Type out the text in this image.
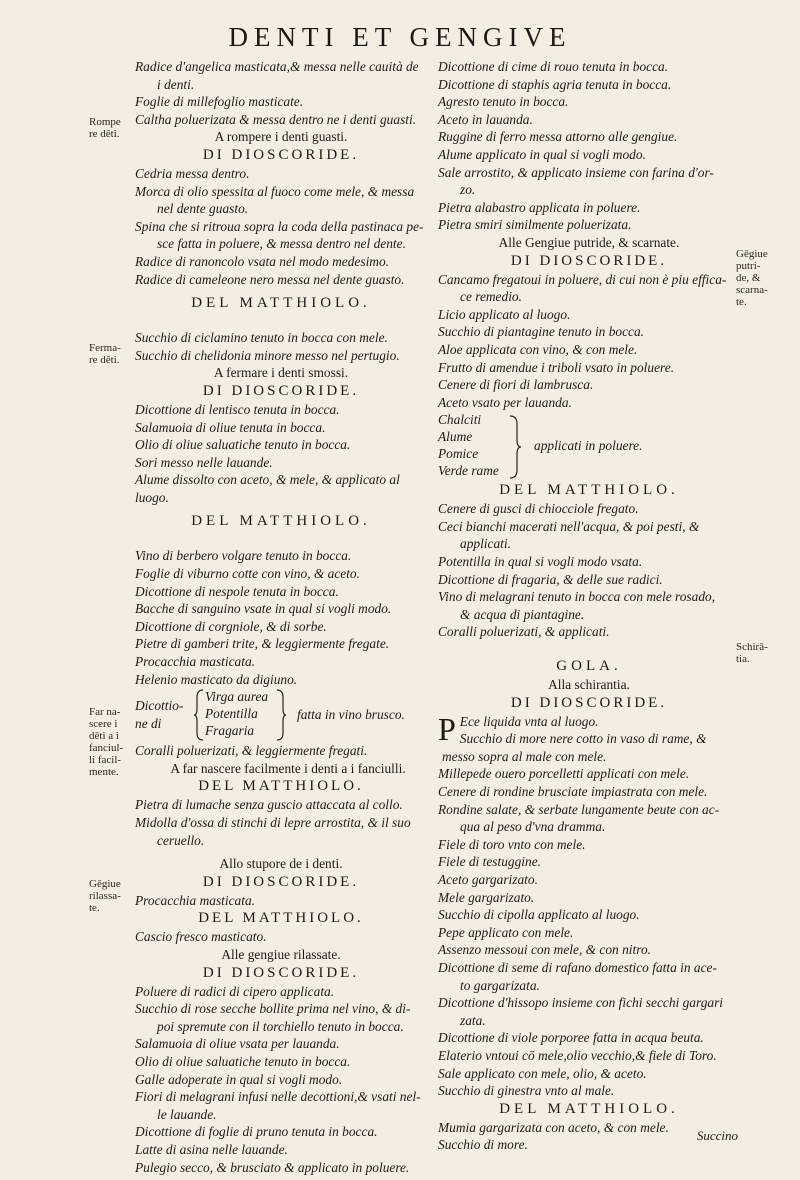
DENTI ET GENGIVE
Rompe
re dēti.
Ferma-
re dēti.
Far na-
scere i
dēti a i
fanciul-
li facil-
mente.
Gēgiue
rilassa-
te.
Gēgiue
putri-
de, &
scarna-
te.
Schirā-
tia.
Radice d'angelica masticata,& messa nelle cauità de
i denti.
Foglie di millefoglio masticate.
Caltha poluerizata & messa dentro ne i denti guasti.
A rompere i denti guasti.
DI DIOSCORIDE.
Cedria messa dentro.
Morca di olio spessita al fuoco come mele, & messa
nel dente guasto.
Spina che si ritroua sopra la coda della pastinaca pe-
sce fatta in poluere, & messa dentro nel dente.
Radice di ranoncolo vsata nel modo medesimo.
Radice di cameleone nero messa nel dente guasto.
DEL MATTHIOLO.
Succhio di ciclamino tenuto in bocca con mele.
Succhio di chelidonia minore messo nel pertugio.
A fermare i denti smossi.
DI DIOSCORIDE.
Dicottione di lentisco tenuta in bocca.
Salamuoia di oliue tenuta in bocca.
Olio di oliue saluatiche tenuto in bocca.
Sori messo nelle lauande.
Alume dissolto con aceto, & mele, & applicato al
luogo.
DEL MATTHIOLO.
Vino di berbero volgare tenuto in bocca.
Foglie di viburno cotte con vino, & aceto.
Dicottione di nespole tenuta in bocca.
Bacche di sanguino vsate in qual si vogli modo.
Dicottione di corgniole, & di sorbe.
Pietre di gamberi trite, & leggiermente fregate.
Procacchia masticata.
Helenio masticato da digiuno.
Dicottio-
ne di
Virga aurea
Potentilla
Fragaria
fatta in vino brusco.
Coralli poluerizati, & leggiermente fregati.
A far nascere facilmente i denti a i fanciulli.
DEL MATTHIOLO.
Pietra di lumache senza guscio attaccata al collo.
Midolla d'ossa di stinchi di lepre arrostita, & il suo
ceruello.
Allo stupore de i denti.
DI DIOSCORIDE.
Procacchia masticata.
DEL MATTHIOLO.
Cascio fresco masticato.
Alle gengiue rilassate.
DI DIOSCORIDE.
Poluere di radici di cipero applicata.
Succhio di rose secche bollite prima nel vino, & di-
poi spremute con il torchiello tenuto in bocca.
Salamuoia di oliue vsata per lauanda.
Olio di oliue saluatiche tenuto in bocca.
Galle adoperate in qual si vogli modo.
Fiori di melagrani infusi nelle decottioni,& vsati nel-
le lauande.
Dicottione di foglie di pruno tenuta in bocca.
Latte di asina nelle lauande.
Pulegio secco, & brusciato & applicato in poluere.
Dicottione di cime di rouo tenuta in bocca.
Dicottione di staphis agria tenuta in bocca.
Agresto tenuto in bocca.
Aceto in lauanda.
Ruggine di ferro messa attorno alle gengiue.
Alume applicato in qual si vogli modo.
Sale arrostito, & applicato insieme con farina d'or-
zo.
Pietra alabastro applicata in poluere.
Pietra smiri similmente poluerizata.
Alle Gengiue putride, & scarnate.
DI DIOSCORIDE.
Cancamo fregatoui in poluere, di cui non è piu effica-
ce remedio.
Licio applicato al luogo.
Succhio di piantagine tenuto in bocca.
Aloe applicata con vino, & con mele.
Frutto di amendue i triboli vsato in poluere.
Cenere di fiori di lambrusca.
Aceto vsato per lauanda.
Chalciti
Alume
Pomice
Verde rame
applicati in poluere.
DEL MATTHIOLO.
Cenere di gusci di chiocciole fregato.
Ceci bianchi macerati nell'acqua, & poi pesti, &
applicati.
Potentilla in qual si vogli modo vsata.
Dicottione di fragaria, & delle sue radici.
Vino di melagrani tenuto in bocca con mele rosado,
& acqua di piantagine.
Coralli poluerizati, & applicati.
GOLA.
Alla schirantia.
DI DIOSCORIDE.
P Ece liquida vnta al luogo.
Succhio di more nere cotto in vaso di rame, &
messo sopra al male con mele.
Millepede ouero porcelletti applicati con mele.
Cenere di rondine brusciate impiastrata con mele.
Rondine salate, & serbate lungamente beute con ac-
qua al peso d'vna dramma.
Fiele di toro vnto con mele.
Fiele di testuggine.
Aceto gargarizato.
Mele gargarizato.
Succhio di cipolla applicato al luogo.
Pepe applicato con mele.
Assenzo messoui con mele, & con nitro.
Dicottione di seme di rafano domestico fatta in ace-
to gargarizata.
Dicottione d'hissopo insieme con fichi secchi gargari
zata.
Dicottione di viole porporee fatta in acqua beuta.
Elaterio vntoui cō mele,olio vecchio,& fiele di Toro.
Sale applicato con mele, olio, & aceto.
Succhio di ginestra vnto al male.
DEL MATTHIOLO.
Mumia gargarizata con aceto, & con mele.
Succhio di more.
Succino
